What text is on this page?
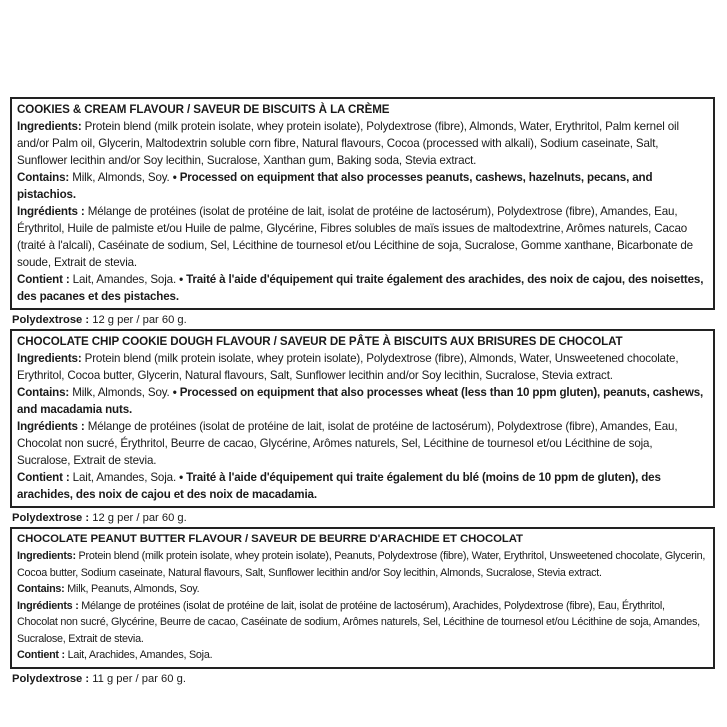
COOKIES & CREAM FLAVOUR / SAVEUR DE BISCUITS À LA CRÈME

Ingredients: Protein blend (milk protein isolate, whey protein isolate), Polydextrose (fibre), Almonds, Water, Erythritol, Palm kernel oil and/or Palm oil, Glycerin, Maltodextrin soluble corn fibre, Natural flavours, Cocoa (processed with alkali), Sodium caseinate, Salt, Sunflower lecithin and/or Soy lecithin, Sucralose, Xanthan gum, Baking soda, Stevia extract.

Contains: Milk, Almonds, Soy. • Processed on equipment that also processes peanuts, cashews, hazelnuts, pecans, and pistachios.

Ingrédients : Mélange de protéines (isolat de protéine de lait, isolat de protéine de lactosérum), Polydextrose (fibre), Amandes, Eau, Érythritol, Huile de palmiste et/ou Huile de palme, Glycérine, Fibres solubles de maïs issues de maltodextrine, Arômes naturels, Cacao (traité à l'alcali), Caséinate de sodium, Sel, Lécithine de tournesol et/ou Lécithine de soja, Sucralose, Gomme xanthane, Bicarbonate de soude, Extrait de stevia.

Contient : Lait, Amandes, Soja. • Traité à l'aide d'équipement qui traite également des arachides, des noix de cajou, des noisettes, des pacanes et des pistaches.

Polydextrose : 12 g per / par 60 g.
CHOCOLATE CHIP COOKIE DOUGH FLAVOUR / SAVEUR DE PÂTE À BISCUITS AUX BRISURES DE CHOCOLAT

Ingredients: Protein blend (milk protein isolate, whey protein isolate), Polydextrose (fibre), Almonds, Water, Unsweetened chocolate, Erythritol, Cocoa butter, Glycerin, Natural flavours, Salt, Sunflower lecithin and/or Soy lecithin, Sucralose, Stevia extract.

Contains: Milk, Almonds, Soy. • Processed on equipment that also processes wheat (less than 10 ppm gluten), peanuts, cashews, and macadamia nuts.

Ingrédients : Mélange de protéines (isolat de protéine de lait, isolat de protéine de lactosérum), Polydextrose (fibre), Amandes, Eau, Chocolat non sucré, Érythritol, Beurre de cacao, Glycérine, Arômes naturels, Sel, Lécithine de tournesol et/ou Lécithine de soja, Sucralose, Extrait de stevia.

Contient : Lait, Amandes, Soja. • Traité à l'aide d'équipement qui traite également du blé (moins de 10 ppm de gluten), des arachides, des noix de cajou et des noix de macadamia.

Polydextrose : 12 g per / par 60 g.
CHOCOLATE PEANUT BUTTER FLAVOUR / SAVEUR DE BEURRE D'ARACHIDE ET CHOCOLAT

Ingredients: Protein blend (milk protein isolate, whey protein isolate), Peanuts, Polydextrose (fibre), Water, Erythritol, Unsweetened chocolate, Glycerin, Cocoa butter, Sodium caseinate, Natural flavours, Salt, Sunflower lecithin and/or Soy lecithin, Almonds, Sucralose, Stevia extract.

Contains: Milk, Peanuts, Almonds, Soy.

Ingrédients : Mélange de protéines (isolat de protéine de lait, isolat de protéine de lactosérum), Arachides, Polydextrose (fibre), Eau, Érythritol, Chocolat non sucré, Glycérine, Beurre de cacao, Caséinate de sodium, Arômes naturels, Sel, Lécithine de tournesol et/ou Lécithine de soja, Amandes, Sucralose, Extrait de stevia.

Contient : Lait, Arachides, Amandes, Soja.

Polydextrose : 11 g per / par 60 g.
